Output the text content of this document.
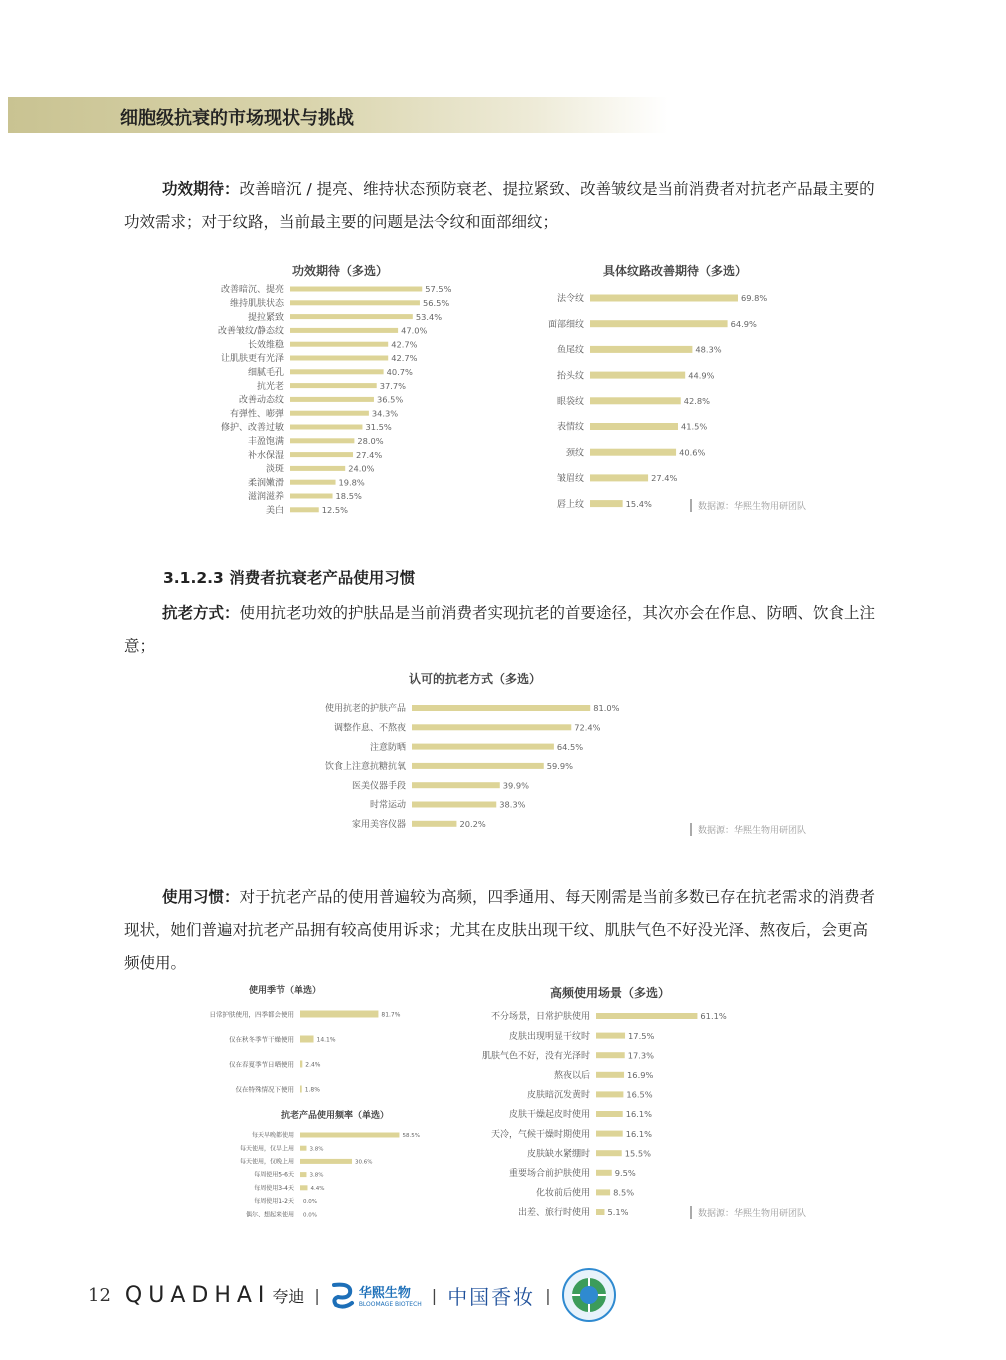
细胞级抗衰的市场现状与挑战
功效期待：改善暗沉 / 提亮、维持状态预防衰老、提拉紧致、改善皱纹是当前消费者对抗老产品最主要的功效需求；对于纹路，当前最主要的问题是法令纹和面部细纹；
功效期待（多选）	具体纹路改善期待（多选）
改善暗沉、提亮	57.5%
维持肌肤状态	56.5%
提拉紧致	53.4%
改善皱纹/静态纹	47.0%
长效维稳	42.7%
让肌肤更有光泽	42.7%
细腻毛孔	40.7%
抗光老	37.7%
改善动态纹	36.5%
有弹性、嘭弹	34.3%
修护、改善过敏	31.5%
丰盈饱满	28.0%
补水保湿	27.4%
淡斑	24.0%
柔润嫩滑	19.8%
滋润滋养	18.5%
美白	12.5%
法令纹	69.8%
面部细纹	64.9%
鱼尾纹	48.3%
抬头纹	44.9%
眼袋纹	42.8%
表情纹	41.5%
颈纹	40.6%
皱眉纹	27.4%
唇上纹	15.4%	数据源：华熙生物用研团队
3.1.2.3 消费者抗衰老产品使用习惯
抗老方式：使用抗老功效的护肤品是当前消费者实现抗老的首要途径，其次亦会在作息、防晒、饮食上注意；
认可的抗老方式（多选）
使用抗老的护肤产品	81.0%
调整作息、不熬夜	72.4%
注意防晒	64.5%
饮食上注意抗糖抗氧	59.9%
医美仪器手段	39.9%
时常运动	38.3%
家用美容仪器	20.2%
数据源：华熙生物用研团队
使用习惯：对于抗老产品的使用普遍较为高频，四季通用、每天刚需是当前多数已存在抗老需求的消费者现状，她们普遍对抗老产品拥有较高使用诉求；尤其在皮肤出现干纹、肌肤气色不好没光泽、熬夜后，会更高频使用。
使用季节（单选）
日常护肤使用，四季都会使用	81.7%
仅在秋冬季节干燥使用	14.1%
仅在春夏季节日晒使用 2.4%
仅在特殊情况下使用 1.8%
抗老产品使用频率（单选）
每天早晚都使用	58.5%
每天使用，仅早上用	3.8%
每天使用，仅晚上用	30.6%
每周使用5-6天	3.8%
每周使用3-4天	4.4%
每周使用1-2天 0.0%
偶尔、想起来使用 0.0%
高频使用场景（多选）
不分场景，日常护肤使用	61.1%
皮肤出现明显干纹时	17.5%
肌肤气色不好，没有光泽时	17.3%
熬夜以后	16.9%
皮肤暗沉发黄时	16.5%
皮肤干燥起皮时使用	16.1%
天冷，气候干燥时期使用	16.1%
皮肤缺水紧绷时	15.5%
重要场合前护肤使用	9.5%
化妆前后使用	8.5%
出差、旅行时使用 5.1%	数据源：华熙生物用研团队
12 QUADHAI 夸迪 |	华熙生物
BLOOMAGE BIOTECH | 中国香妆 |
